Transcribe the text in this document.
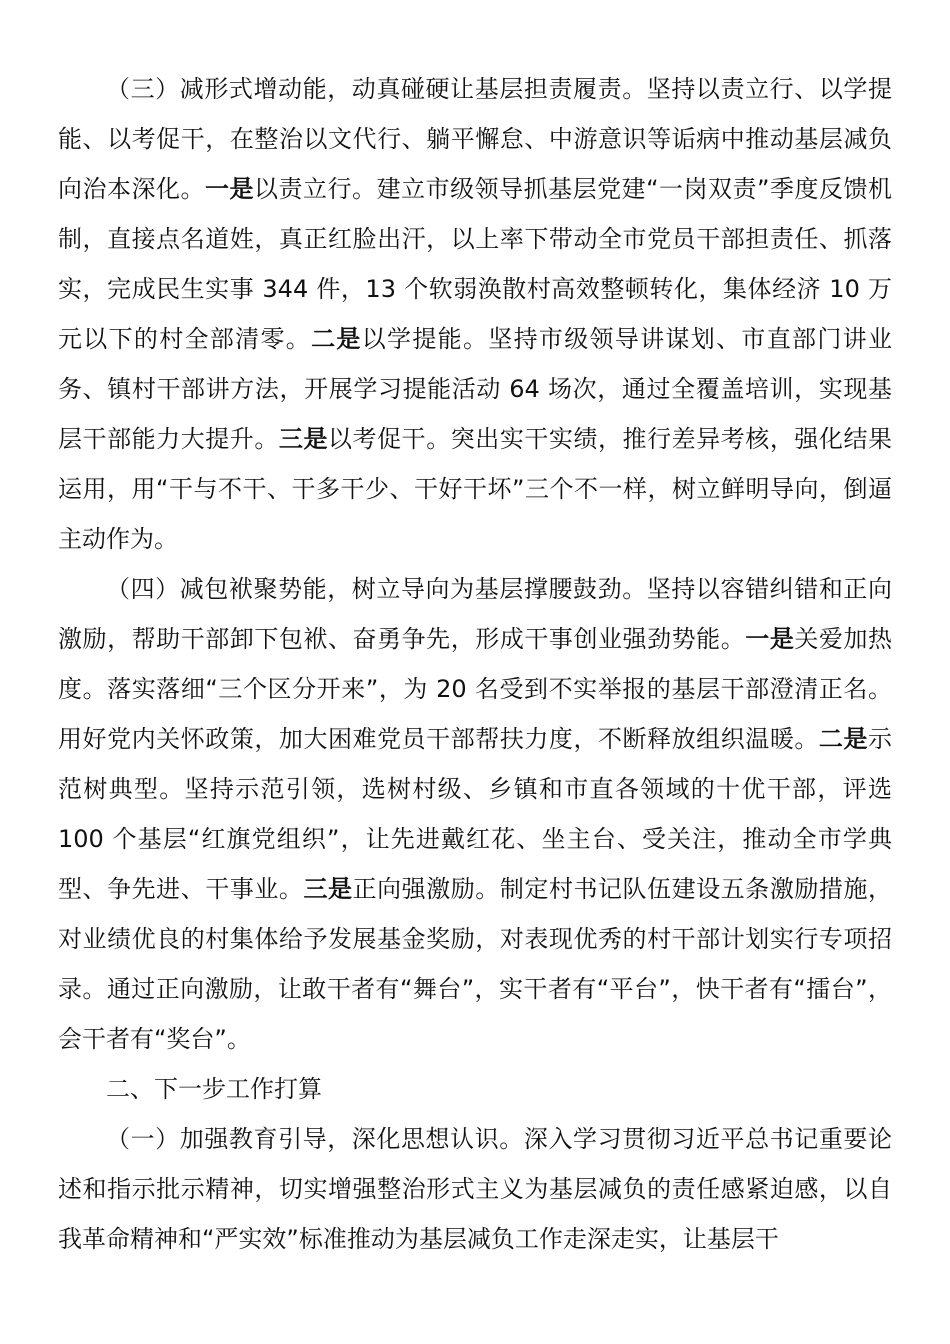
（三）减形式增动能，动真碰硬让基层担责履责。坚持以责立行、以学提能、以考促干，在整治以文代行、躺平懈怠、中游意识等诟病中推动基层减负向治本深化。一是以责立行。建立市级领导抓基层党建“一岗双责”季度反馈机制，直接点名道姓，真正红脸出汗，以上率下带动全市党员干部担责任、抓落实，完成民生实事 344 件，13 个软弱涣散村高效整顿转化，集体经济 10 万元以下的村全部清零。二是以学提能。坚持市级领导讲谋划、市直部门讲业务、镇村干部讲方法，开展学习提能活动 64 场次，通过全覆盖培训，实现基层干部能力大提升。三是以考促干。突出实干实绩，推行差异考核，强化结果运用，用“干与不干、干多干少、干好干坏”三个不一样，树立鲜明导向，倒逼主动作为。

（四）减包袱聚势能，树立导向为基层撑腰鼓劲。坚持以容错纠错和正向激励，帮助干部卸下包袱、奋勇争先，形成干事创业强劲势能。一是关爱加热度。落实落细“三个区分开来”，为 20 名受到不实举报的基层干部澄清正名。用好党内关怀政策，加大困难党员干部帮扶力度，不断释放组织温暖。二是示范树典型。坚持示范引领，选树村级、乡镇和市直各领域的十优干部，评选 100 个基层“红旗党组织”，让先进戴红花、坐主台、受关注，推动全市学典型、争先进、干事业。三是正向强激励。制定村书记队伍建设五条激励措施，对业绩优良的村集体给予发展基金奖励，对表现优秀的村干部计划实行专项招录。通过正向激励，让敢干者有“舞台”，实干者有“平台”，快干者有“擂台”，会干者有“奖台”。

二、下一步工作打算

（一）加强教育引导，深化思想认识。深入学习贯彻习近平总书记重要论述和指示批示精神，切实增强整治形式主义为基层减负的责任感紧迫感，以自我革命精神和“严实效”标准推动为基层减负工作走深走实，让基层干
